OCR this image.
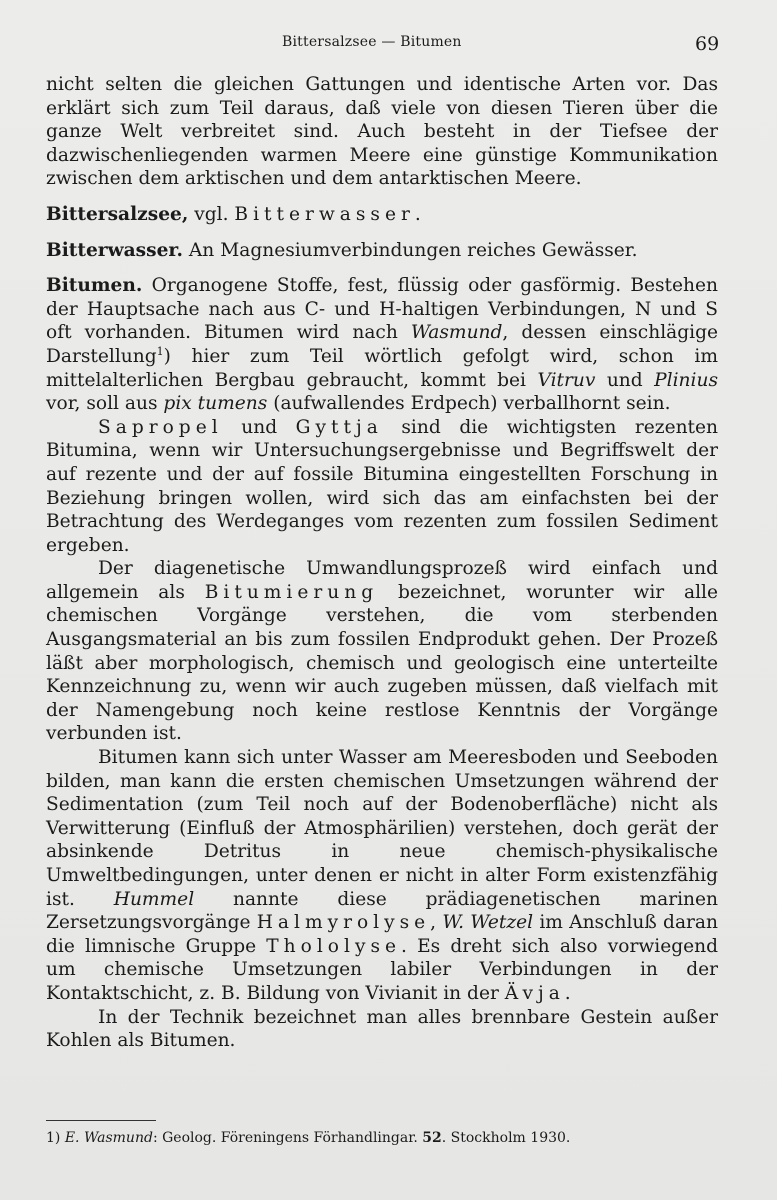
Bittersalzsee — Bitumen	69

nicht selten die gleichen Gattungen und identische Arten vor. Das erklärt sich zum Teil daraus, daß viele von diesen Tieren über die ganze Welt verbreitet sind. Auch besteht in der Tiefsee der dazwischenliegenden warmen Meere eine günstige Kommunikation zwischen dem arktischen und dem antarktischen Meere.

Bittersalzsee, vgl. Bitterwasser.

Bitterwasser. An Magnesiumverbindungen reiches Gewässer.

Bitumen. Organogene Stoffe, fest, flüssig oder gasförmig. Bestehen der Hauptsache nach aus C- und H-haltigen Verbindungen, N und S oft vorhanden. Bitumen wird nach Wasmund, dessen einschlägige Darstellung$^1$) hier zum Teil wörtlich gefolgt wird, schon im mittelalterlichen Bergbau gebraucht, kommt bei Vitruv und Plinius vor, soll aus pix tumens (aufwallendes Erdpech) verballhornt sein.

Sapropel und Gyttja sind die wichtigsten rezenten Bitumina, wenn wir Untersuchungsergebnisse und Begriffswelt der auf rezente und der auf fossile Bitumina eingestellten Forschung in Beziehung bringen wollen, wird sich das am einfachsten bei der Betrachtung des Werdeganges vom rezenten zum fossilen Sediment ergeben.

Der diagenetische Umwandlungsprozeß wird einfach und allgemein als Bitumierung bezeichnet, worunter wir alle chemischen Vorgänge verstehen, die vom sterbenden Ausgangsmaterial an bis zum fossilen Endprodukt gehen. Der Prozeß läßt aber morphologisch, chemisch und geologisch eine unterteilte Kennzeichnung zu, wenn wir auch zugeben müssen, daß vielfach mit der Namengebung noch keine restlose Kenntnis der Vorgänge verbunden ist.

Bitumen kann sich unter Wasser am Meeresboden und Seeboden bilden, man kann die ersten chemischen Umsetzungen während der Sedimentation (zum Teil noch auf der Bodenoberfläche) nicht als Verwitterung (Einfluß der Atmosphärilien) verstehen, doch gerät der absinkende Detritus in neue chemisch-physikalische Umweltbedingungen, unter denen er nicht in alter Form existenzfähig ist. Hummel nannte diese prädiagenetischen marinen Zersetzungsvorgänge Halmyrolyse, W. Wetzel im Anschluß daran die limnische Gruppe Thololyse. Es dreht sich also vorwiegend um chemische Umsetzungen labiler Verbindungen in der Kontaktschicht, z. B. Bildung von Vivianit in der Ävja.

In der Technik bezeichnet man alles brennbare Gestein außer Kohlen als Bitumen.

1) E. Wasmund: Geolog. Föreningens Förhandlingar. 52. Stockholm 1930.
